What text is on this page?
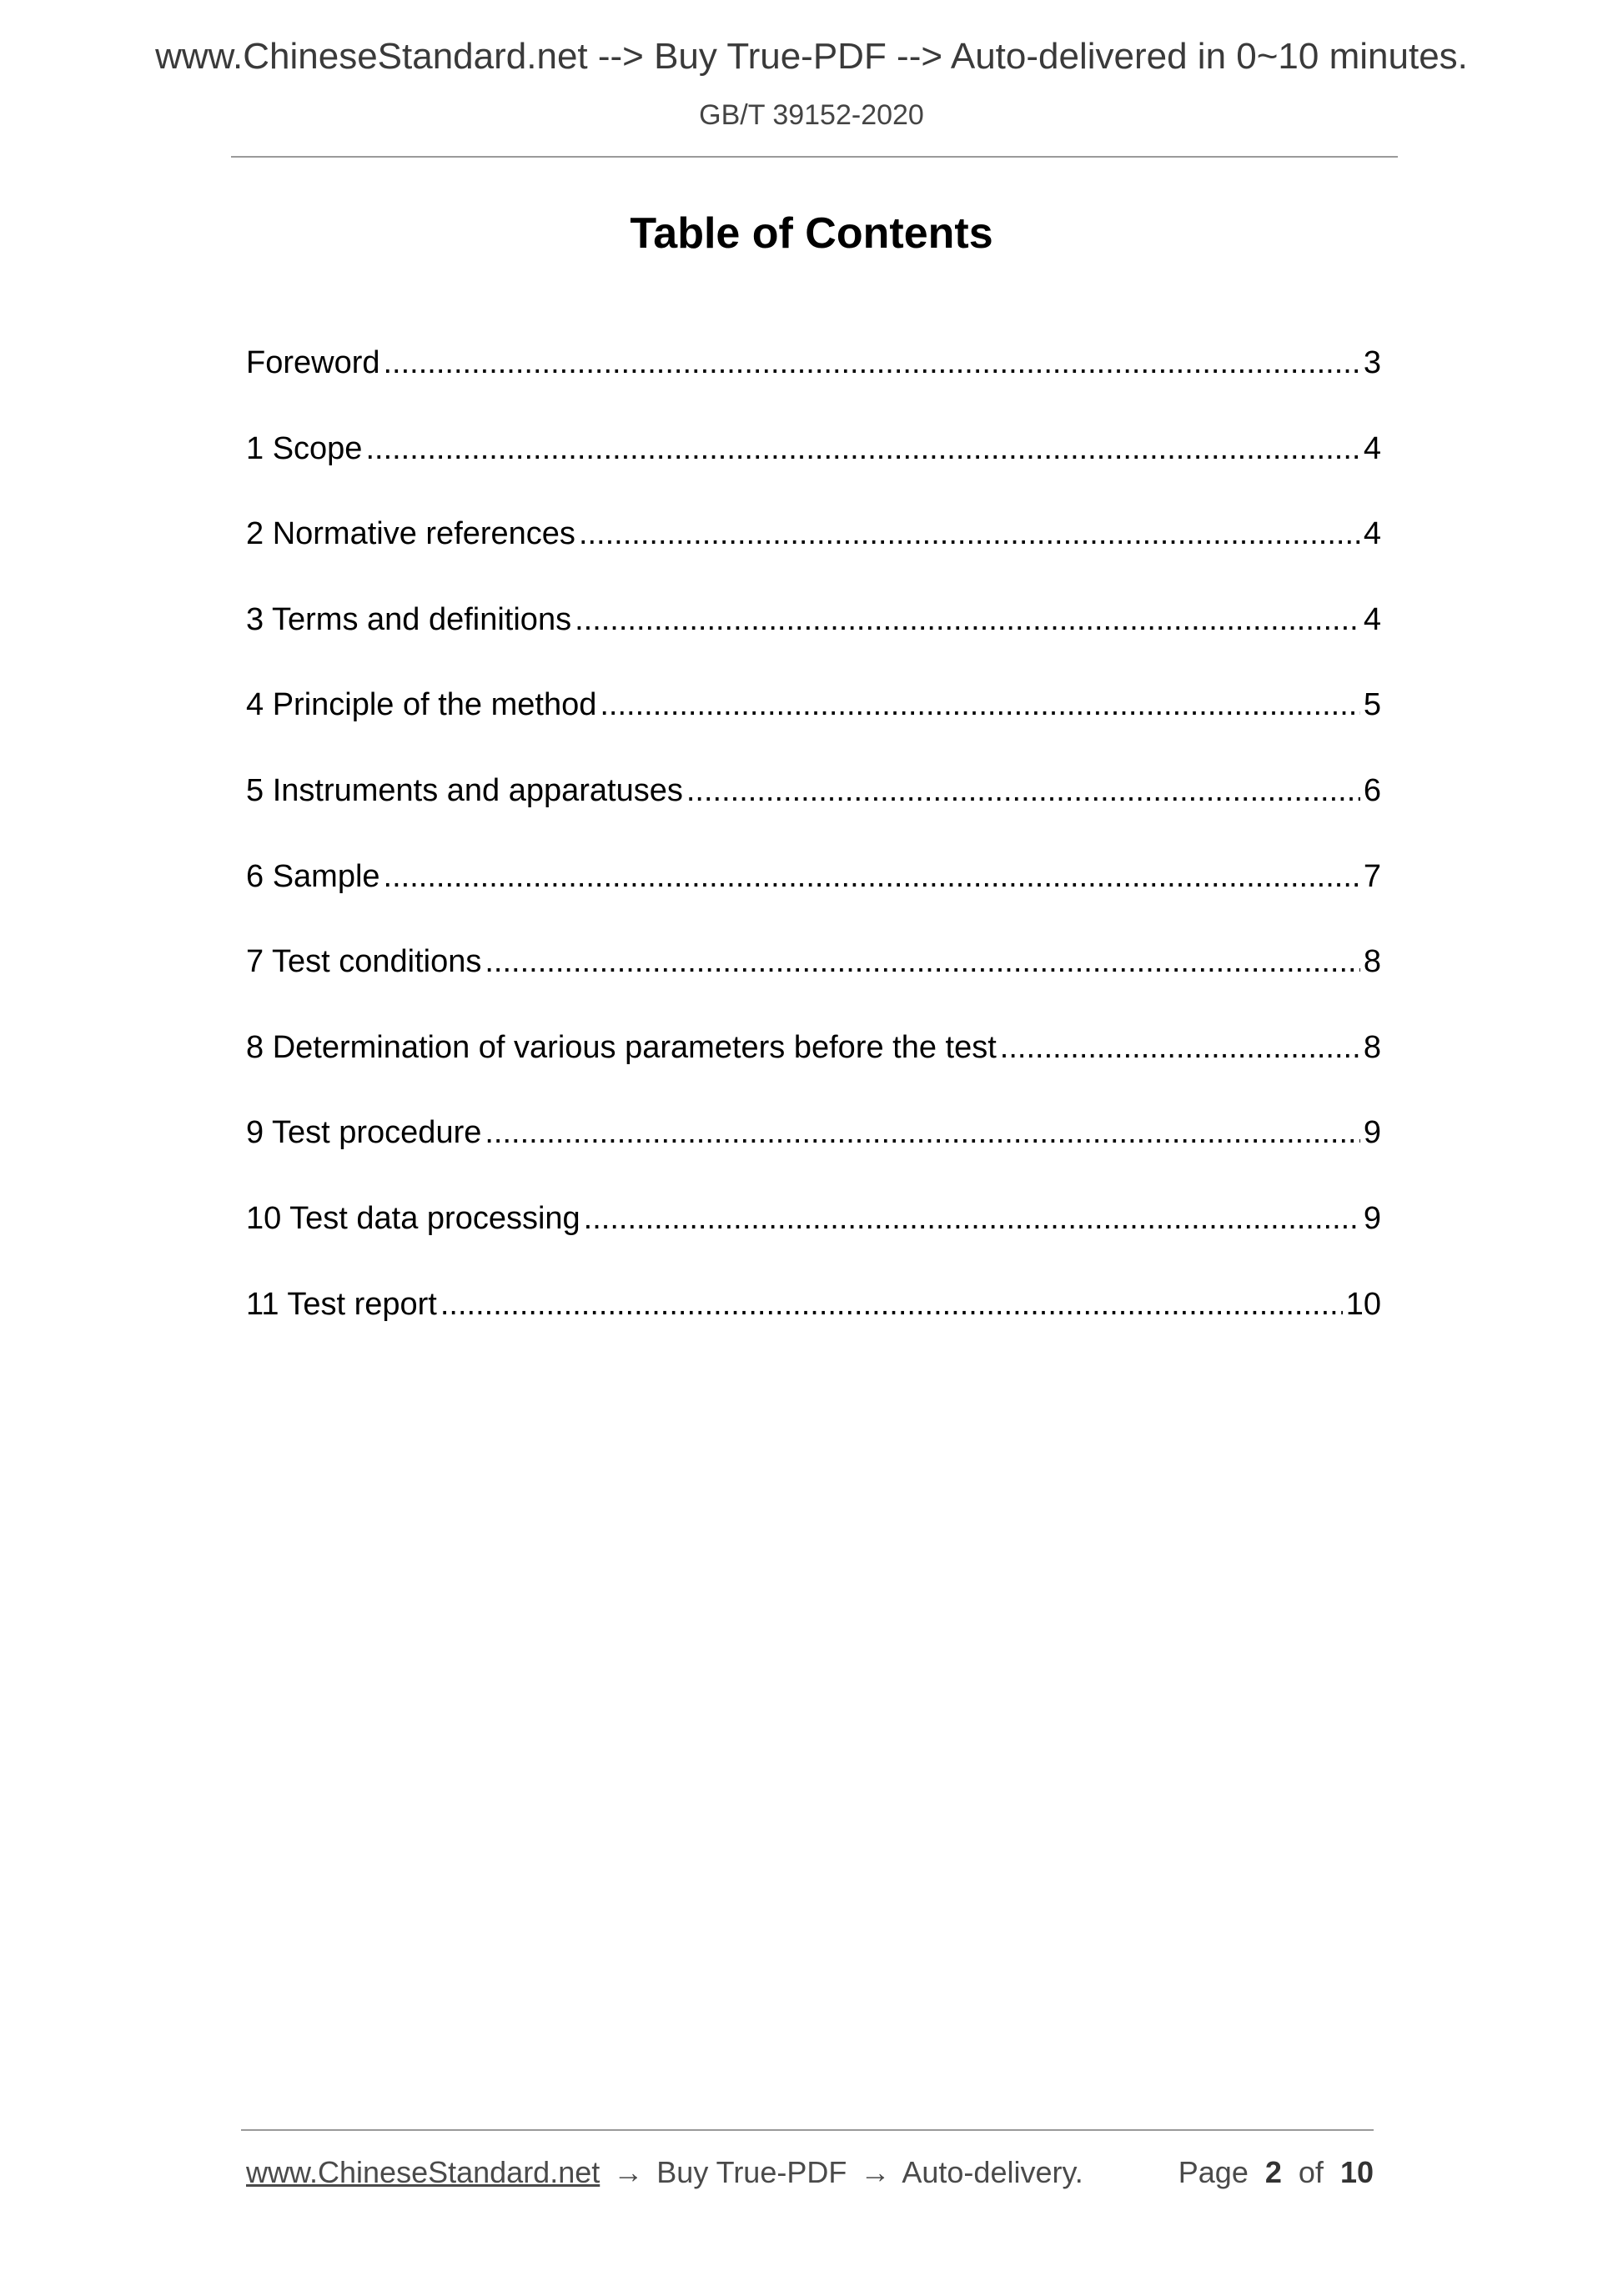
www.ChineseStandard.net --> Buy True-PDF --> Auto-delivered in 0~10 minutes.
GB/T 39152-2020
Table of Contents
Foreword .....	3
1 Scope .....	4
2 Normative references .....	4
3 Terms and definitions .....	4
4 Principle of the method .....	5
5 Instruments and apparatuses .....	6
6 Sample .....	7
7 Test conditions .....	8
8 Determination of various parameters before the test .....	8
9 Test procedure .....	9
10 Test data processing .....	9
11 Test report .....	10
www.ChineseStandard.net → Buy True-PDF → Auto-delivery.	Page 2 of 10
